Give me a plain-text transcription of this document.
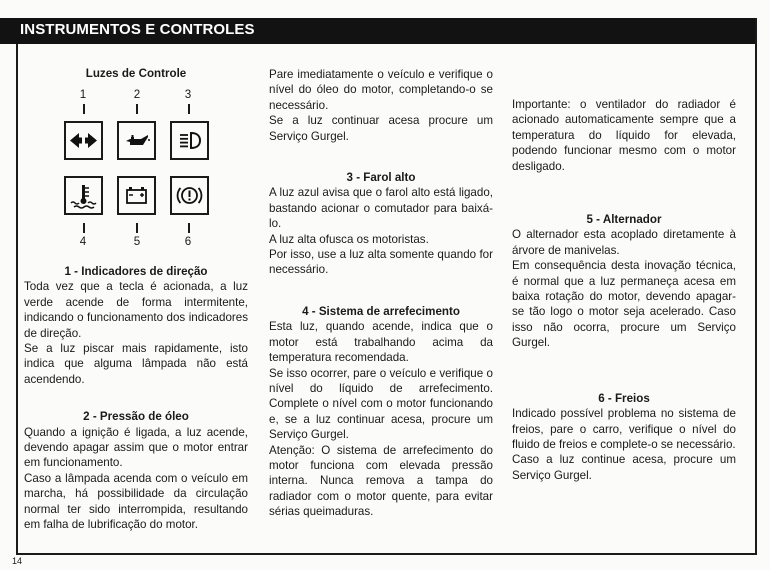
INSTRUMENTOS E CONTROLES
14
Luzes de Controle
1	2	3
4	5	6
1 - Indicadores de direção

Toda vez que a tecla é acionada, a luz verde acende de forma intermitente, indicando o funcionamento dos indicadores de direção.

Se a luz piscar mais rapidamente, isto indica que alguma lâmpada não está acendendo.

2 - Pressão de óleo

Quando a ignição é ligada, a luz acende, devendo apagar assim que o motor entrar em funcionamento.

Caso a lâmpada acenda com o veículo em marcha, há possibilidade da circulação normal ter sido interrompida, resultando em falha de lubrificação do motor.

Pare imediatamente o veículo e verifique o nível do óleo do motor, completando-o se necessário.

Se a luz continuar acesa procure um Serviço Gurgel.

3 - Farol alto

A luz azul avisa que o farol alto está ligado, bastando acionar o comutador para baixá-lo.

A luz alta ofusca os motoristas.

Por isso, use a luz alta somente quando for necessário.

4 - Sistema de arrefecimento

Esta luz, quando acende, indica que o motor está trabalhando acima da temperatura recomendada.

Se isso ocorrer, pare o veículo e verifique o nível do líquido de arrefecimento. Complete o nível com o motor funcionando e, se a luz continuar acesa, procure um Serviço Gurgel.

Atenção: O sistema de arrefecimento do motor funciona com elevada pressão interna. Nunca remova a tampa do radiador com o motor quente, para evitar sérias queimaduras.

Importante: o ventilador do radiador é acionado automaticamente sempre que a temperatura do líquido for elevada, podendo funcionar mesmo com o motor desligado.

5 - Alternador

O alternador esta acoplado diretamente à árvore de manivelas.

Em consequência desta inovação técnica, é normal que a luz permaneça acesa em baixa rotação do motor, devendo apagar-se tão logo o motor seja acelerado. Caso isso não ocorra, procure um Serviço Gurgel.

6 - Freios

Indicado possível problema no sistema de freios, pare o carro, verifique o nível do fluido de freios e complete-o se necessário.

Caso a luz continue acesa, procure um Serviço Gurgel.
